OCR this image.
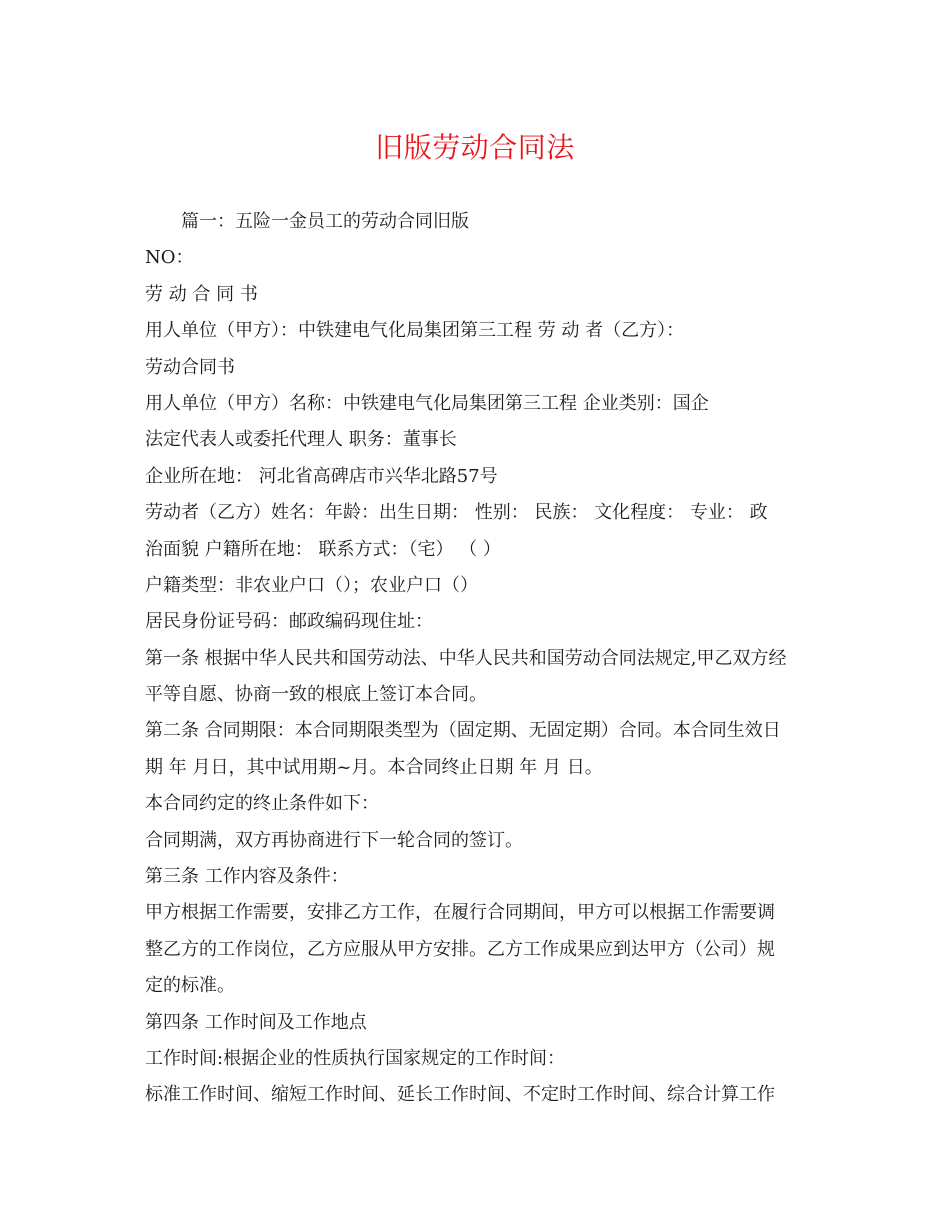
旧版劳动合同法
篇一：五险一金员工的劳动合同旧版
NO：
劳 动 合 同 书
用人单位（甲方）：中铁建电气化局集团第三工程 劳 动 者（乙方）：
劳动合同书
用人单位（甲方）名称：中铁建电气化局集团第三工程 企业类别：国企
法定代表人或委托代理人 职务：董事长
企业所在地： 河北省高碑店市兴华北路57号
劳动者（乙方）姓名：年龄：出生日期： 性别： 民族： 文化程度： 专业： 政
治面貌 户籍所在地： 联系方式：（宅） （ ）
户籍类型：非农业户口（）；农业户口（）
居民身份证号码：邮政编码现住址：
第一条 根据中华人民共和国劳动法、中华人民共和国劳动合同法规定,甲乙双方经
平等自愿、协商一致的根底上签订本合同。
第二条 合同期限：本合同期限类型为（固定期、无固定期）合同。本合同生效日
期 年 月日，其中试用期~月。本合同终止日期 年 月 日。
本合同约定的终止条件如下：
合同期满，双方再协商进行下一轮合同的签订。
第三条 工作内容及条件：
甲方根据工作需要，安排乙方工作，在履行合同期间，甲方可以根据工作需要调
整乙方的工作岗位，乙方应服从甲方安排。乙方工作成果应到达甲方（公司）规
定的标准。
第四条 工作时间及工作地点
工作时间:根据企业的性质执行国家规定的工作时间：
标准工作时间、缩短工作时间、延长工作时间、不定时工作时间、综合计算工作
